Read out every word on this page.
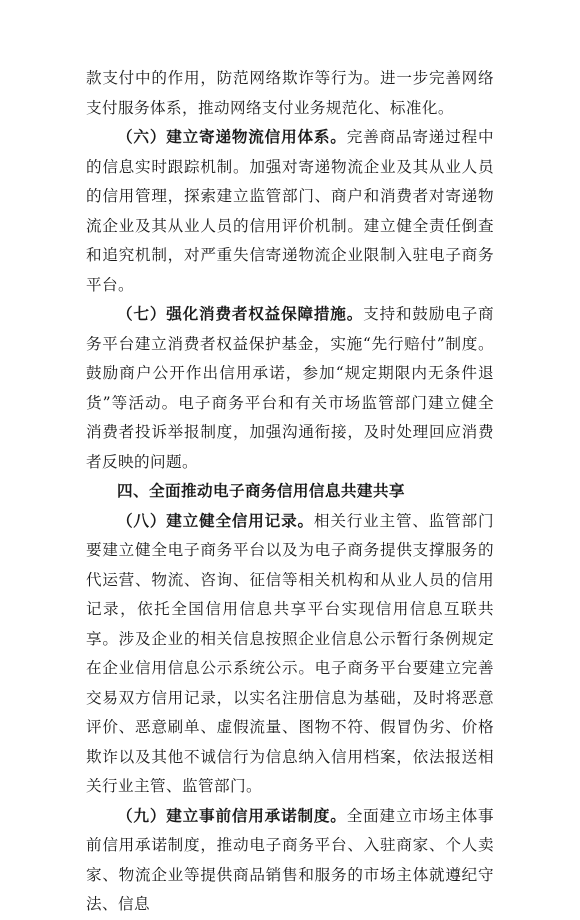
款支付中的作用，防范网络欺诈等行为。进一步完善网络支付服务体系，推动网络支付业务规范化、标准化。

（六）建立寄递物流信用体系。完善商品寄递过程中的信息实时跟踪机制。加强对寄递物流企业及其从业人员的信用管理，探索建立监管部门、商户和消费者对寄递物流企业及其从业人员的信用评价机制。建立健全责任倒查和追究机制，对严重失信寄递物流企业限制入驻电子商务平台。

（七）强化消费者权益保障措施。支持和鼓励电子商务平台建立消费者权益保护基金，实施“先行赔付”制度。鼓励商户公开作出信用承诺，参加“规定期限内无条件退货”等活动。电子商务平台和有关市场监管部门建立健全消费者投诉举报制度，加强沟通衔接，及时处理回应消费者反映的问题。

四、全面推动电子商务信用信息共建共享

（八）建立健全信用记录。相关行业主管、监管部门要建立健全电子商务平台以及为电子商务提供支撑服务的代运营、物流、咨询、征信等相关机构和从业人员的信用记录，依托全国信用信息共享平台实现信用信息互联共享。涉及企业的相关信息按照企业信息公示暂行条例规定在企业信用信息公示系统公示。电子商务平台要建立完善交易双方信用记录，以实名注册信息为基础，及时将恶意评价、恶意刷单、虚假流量、图物不符、假冒伪劣、价格欺诈以及其他不诚信行为信息纳入信用档案，依法报送相关行业主管、监管部门。

（九）建立事前信用承诺制度。全面建立市场主体事前信用承诺制度，推动电子商务平台、入驻商家、个人卖家、物流企业等提供商品销售和服务的市场主体就遵纪守法、信息
